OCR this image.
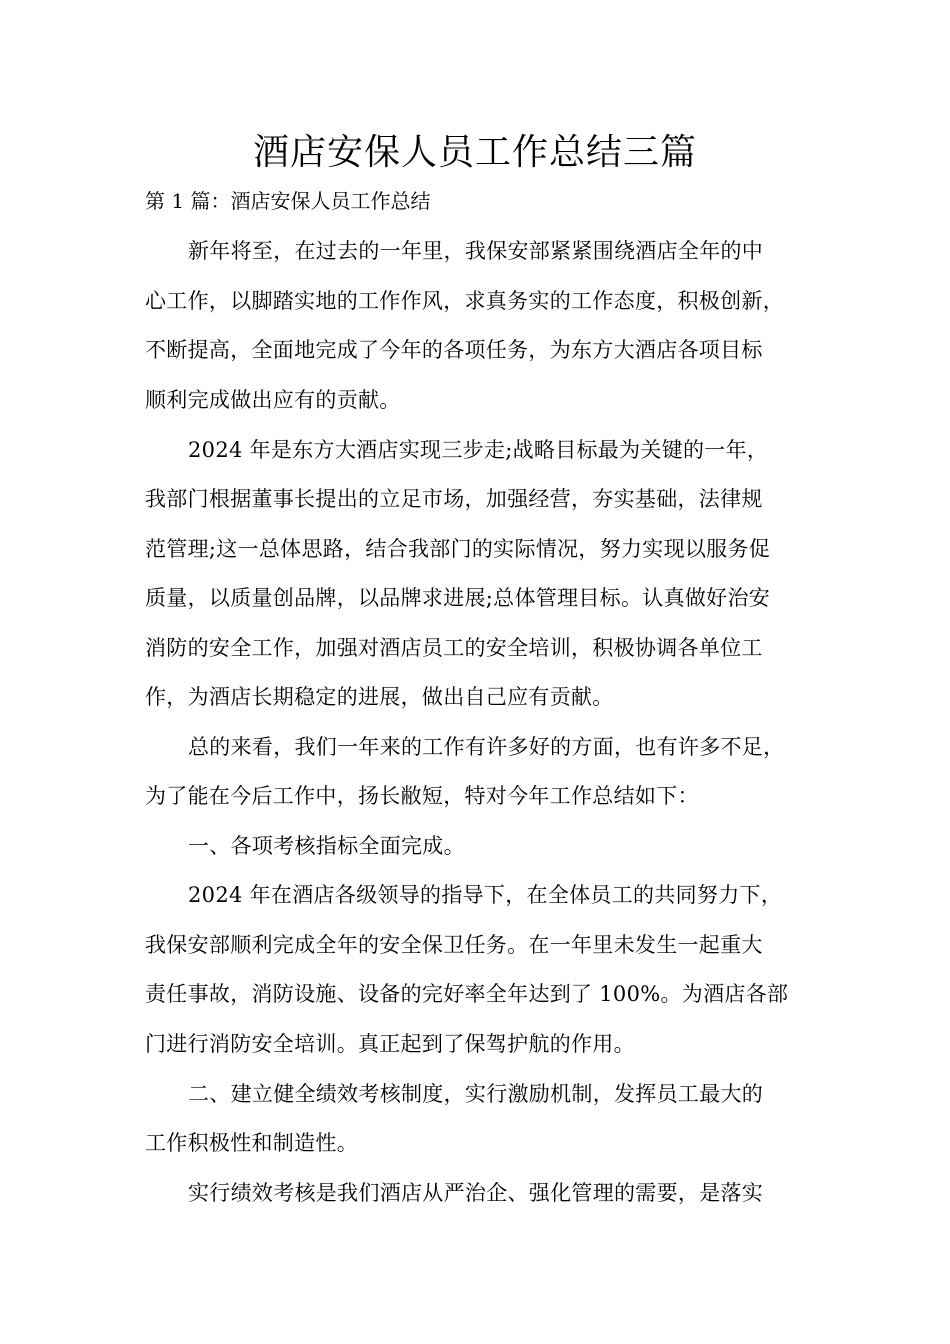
酒店安保人员工作总结三篇

第 1 篇：酒店安保人员工作总结

新年将至，在过去的一年里，我保安部紧紧围绕酒店全年的中

心工作，以脚踏实地的工作作风，求真务实的工作态度，积极创新，

不断提高，全面地完成了今年的各项任务，为东方大酒店各项目标

顺利完成做出应有的贡献。

2024 年是东方大酒店实现三步走;战略目标最为关键的一年，

我部门根据董事长提出的立足市场，加强经营，夯实基础，法律规

范管理;这一总体思路，结合我部门的实际情况，努力实现以服务促

质量，以质量创品牌，以品牌求进展;总体管理目标。认真做好治安

消防的安全工作，加强对酒店员工的安全培训，积极协调各单位工

作，为酒店长期稳定的进展，做出自己应有贡献。

总的来看，我们一年来的工作有许多好的方面，也有许多不足，

为了能在今后工作中，扬长敝短，特对今年工作总结如下：

一、各项考核指标全面完成。

2024 年在酒店各级领导的指导下，在全体员工的共同努力下，

我保安部顺利完成全年的安全保卫任务。在一年里未发生一起重大

责任事故，消防设施、设备的完好率全年达到了 100%。为酒店各部

门进行消防安全培训。真正起到了保驾护航的作用。

二、建立健全绩效考核制度，实行激励机制，发挥员工最大的

工作积极性和制造性。

实行绩效考核是我们酒店从严治企、强化管理的需要，是落实
